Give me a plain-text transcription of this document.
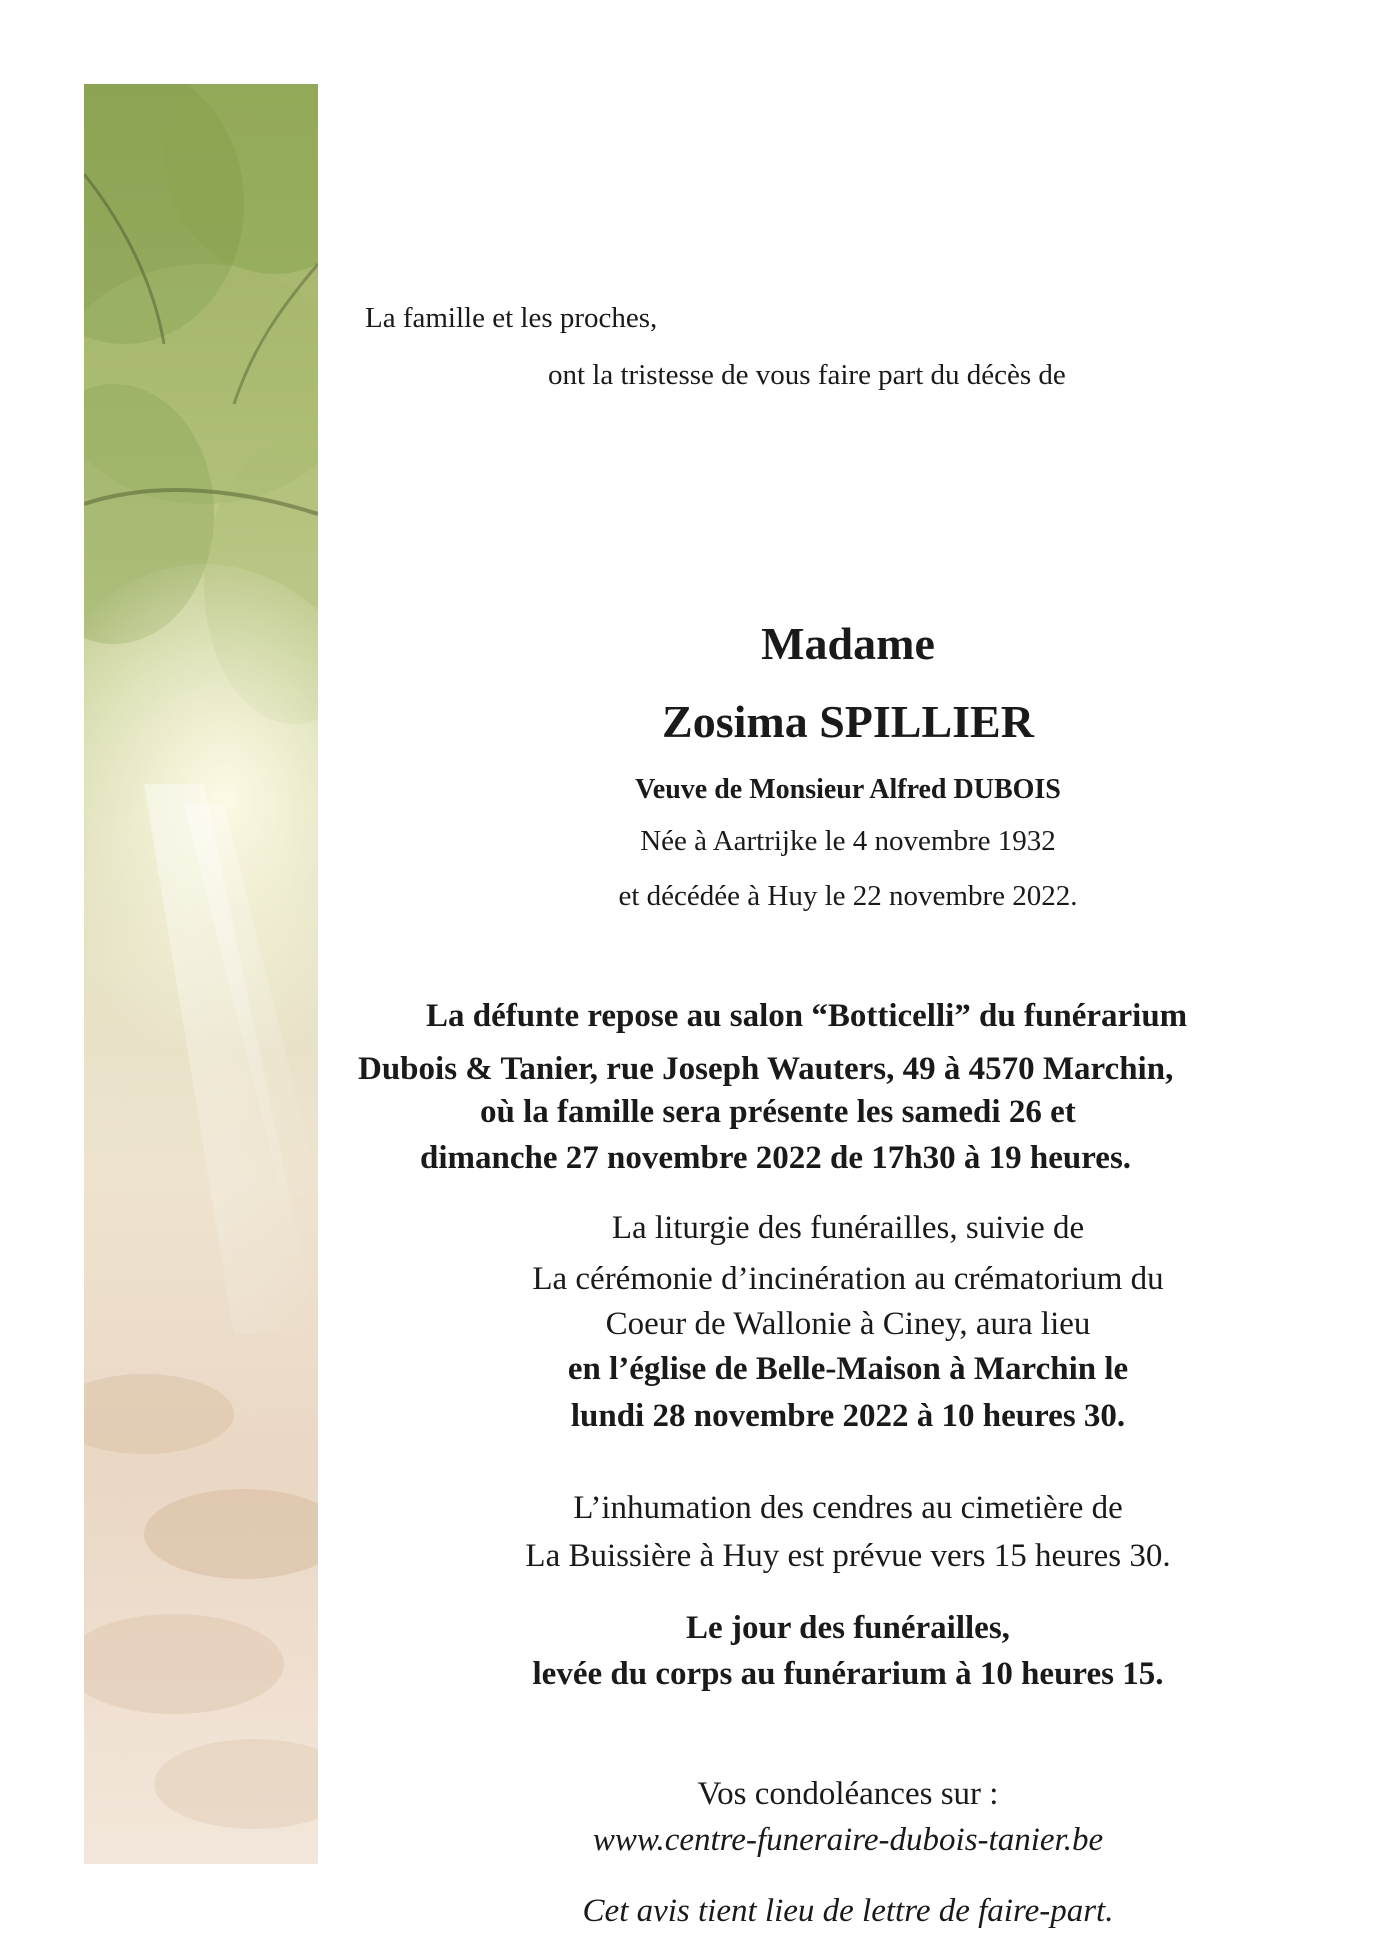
La famille et les proches,
ont la tristesse de vous faire part du décès de
Madame
Zosima SPILLIER
Veuve de Monsieur Alfred DUBOIS
Née à Aartrijke le 4 novembre 1932
et décédée à Huy le 22 novembre 2022.
La défunte repose au salon “Botticelli” du funérarium
Dubois & Tanier, rue Joseph Wauters, 49 à 4570 Marchin,
où la famille sera présente les samedi 26 et
dimanche 27 novembre 2022 de 17h30 à 19 heures.
La liturgie des funérailles, suivie de
La cérémonie d’incinération au crématorium du
Coeur de Wallonie à Ciney, aura lieu
en l’église de Belle-Maison à Marchin le
lundi 28 novembre 2022 à 10 heures 30.
L’inhumation des cendres au cimetière de
La Buissière à Huy est prévue vers 15 heures 30.
Le jour des funérailles,
levée du corps au funérarium à 10 heures 15.
Vos condoléances sur :
www.centre-funeraire-dubois-tanier.be
Cet avis tient lieu de lettre de faire-part.
